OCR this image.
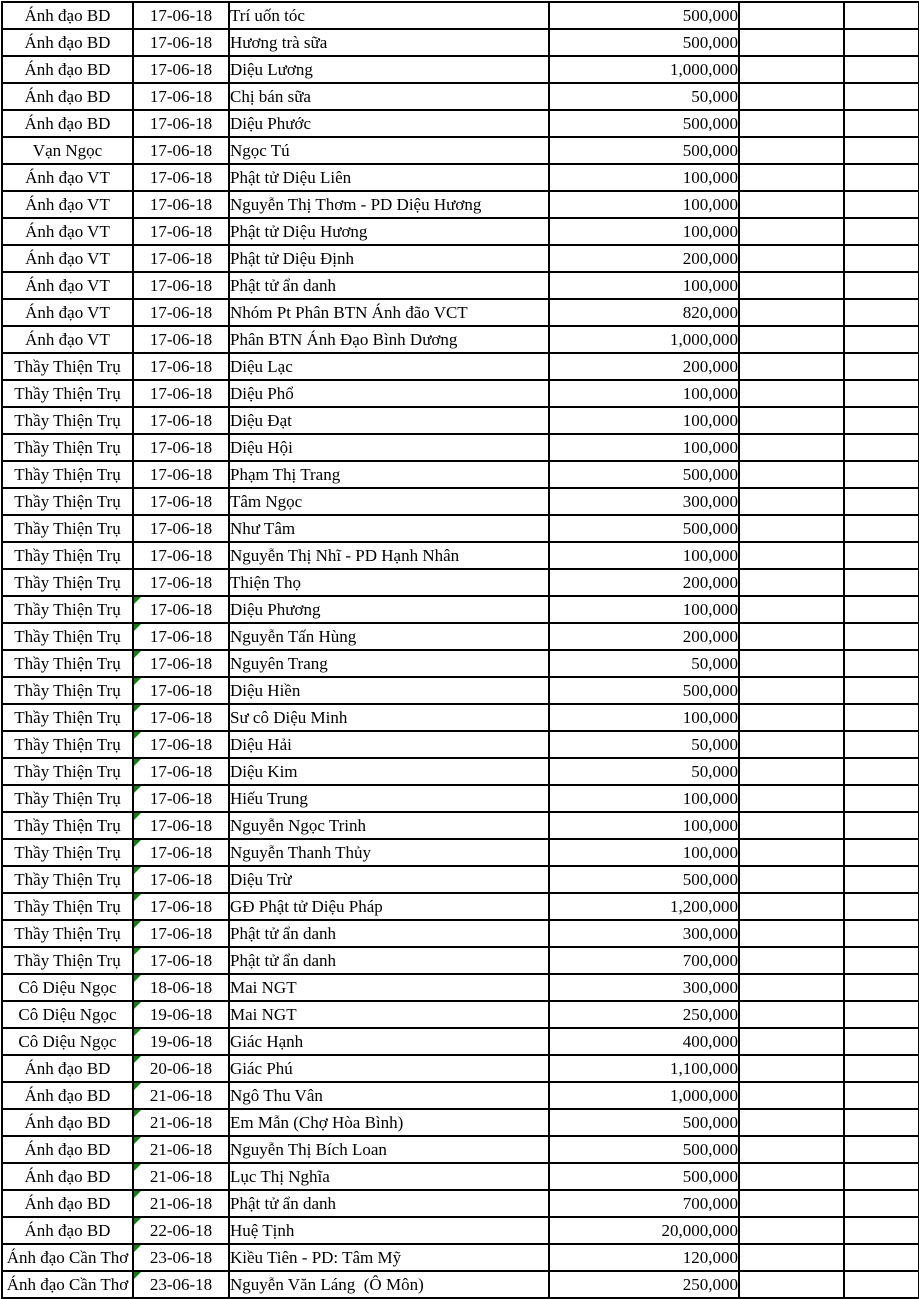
Ánh đạo BD	17-06-18	Trí uốn tóc	500,000		
Ánh đạo BD	17-06-18	Hương trà sữa	500,000		
Ánh đạo BD	17-06-18	Diệu Lương	1,000,000		
Ánh đạo BD	17-06-18	Chị bán sữa	50,000		
Ánh đạo BD	17-06-18	Diệu Phước	500,000		
Vạn Ngọc	17-06-18	Ngọc Tú	500,000		
Ánh đạo VT	17-06-18	Phật tử Diệu Liên	100,000		
Ánh đạo VT	17-06-18	Nguyễn Thị Thơm - PD Diệu Hương	100,000		
Ánh đạo VT	17-06-18	Phật tử Diệu Hương	100,000		
Ánh đạo VT	17-06-18	Phật tử Diệu Định	200,000		
Ánh đạo VT	17-06-18	Phật tử ẩn danh	100,000		
Ánh đạo VT	17-06-18	Nhóm Pt Phân BTN Ánh đão VCT	820,000		
Ánh đạo VT	17-06-18	Phân BTN Ánh Đạo Bình Dương	1,000,000		
Thầy Thiện Trụ	17-06-18	Diệu Lạc	200,000		
Thầy Thiện Trụ	17-06-18	Diệu Phổ	100,000		
Thầy Thiện Trụ	17-06-18	Diệu Đạt	100,000		
Thầy Thiện Trụ	17-06-18	Diệu Hội	100,000		
Thầy Thiện Trụ	17-06-18	Phạm Thị Trang	500,000		
Thầy Thiện Trụ	17-06-18	Tâm Ngọc	300,000		
Thầy Thiện Trụ	17-06-18	Như Tâm	500,000		
Thầy Thiện Trụ	17-06-18	Nguyễn Thị Nhĩ - PD Hạnh Nhân	100,000		
Thầy Thiện Trụ	17-06-18	Thiện Thọ	200,000		
Thầy Thiện Trụ	17-06-18	Diệu Phương	100,000		
Thầy Thiện Trụ	17-06-18	Nguyễn Tấn Hùng	200,000		
Thầy Thiện Trụ	17-06-18	Nguyên Trang	50,000		
Thầy Thiện Trụ	17-06-18	Diệu Hiền	500,000		
Thầy Thiện Trụ	17-06-18	Sư cô Diệu Minh	100,000		
Thầy Thiện Trụ	17-06-18	Diệu Hải	50,000		
Thầy Thiện Trụ	17-06-18	Diệu Kim	50,000		
Thầy Thiện Trụ	17-06-18	Hiếu Trung	100,000		
Thầy Thiện Trụ	17-06-18	Nguyễn Ngọc Trinh	100,000		
Thầy Thiện Trụ	17-06-18	Nguyễn Thanh Thủy	100,000		
Thầy Thiện Trụ	17-06-18	Diệu Trừ	500,000		
Thầy Thiện Trụ	17-06-18	GĐ Phật tử Diệu Pháp	1,200,000		
Thầy Thiện Trụ	17-06-18	Phật tử ẩn danh	300,000		
Thầy Thiện Trụ	17-06-18	Phật tử ẩn danh	700,000		
Cô Diệu Ngọc	18-06-18	Mai NGT	300,000		
Cô Diệu Ngọc	19-06-18	Mai NGT	250,000		
Cô Diệu Ngọc	19-06-18	Giác Hạnh	400,000		
Ánh đạo BD	20-06-18	Giác Phú	1,100,000		
Ánh đạo BD	21-06-18	Ngô Thu Vân	1,000,000		
Ánh đạo BD	21-06-18	Em Mẫn (Chợ Hòa Bình)	500,000		
Ánh đạo BD	21-06-18	Nguyễn Thị Bích Loan	500,000		
Ánh đạo BD	21-06-18	Lục Thị Nghĩa	500,000		
Ánh đạo BD	21-06-18	Phật tử ẩn danh	700,000		
Ánh đạo BD	22-06-18	Huệ Tịnh	20,000,000		
Ánh đạo Cần Thơ	23-06-18	Kiều Tiên - PD: Tâm Mỹ	120,000		
Ánh đạo Cần Thơ	23-06-18	Nguyễn Văn Láng  (Ô Môn)	250,000		
